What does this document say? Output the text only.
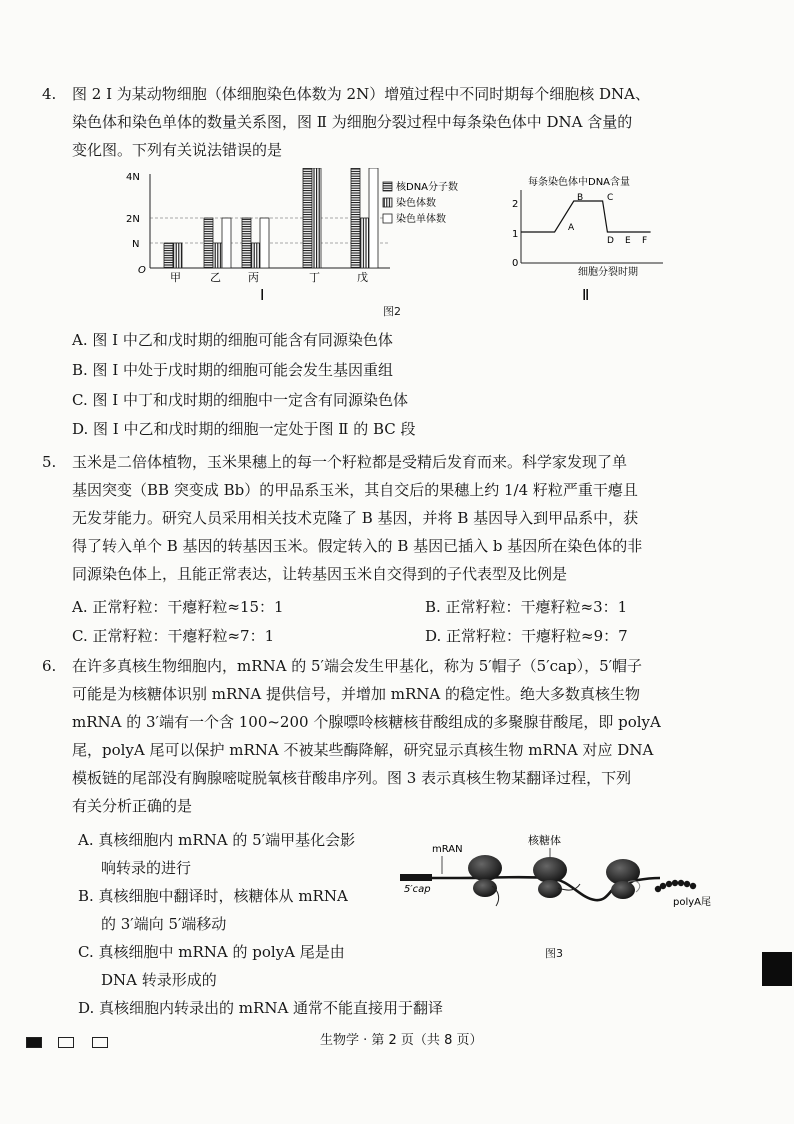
4. 图 2 Ⅰ 为某动物细胞（体细胞染色体数为 2N）增殖过程中不同时期每个细胞核 DNA、
染色体和染色单体的数量关系图，图 Ⅱ 为细胞分裂过程中每条染色体中 DNA 含量的
变化图。下列有关说法错误的是
4N
2N
N
O
甲	乙 丙	丁	戊
Ⅰ
核DNA分子数
染色体数
染色单体数
每条染色体中DNA含量
2
1
0
A
B	C
D E F
细胞分裂时期
Ⅱ
图2
A. 图 Ⅰ 中乙和戊时期的细胞可能含有同源染色体
B. 图 Ⅰ 中处于戊时期的细胞可能会发生基因重组
C. 图 Ⅰ 中丁和戊时期的细胞中一定含有同源染色体
D. 图 Ⅰ 中乙和戊时期的细胞一定处于图 Ⅱ 的 BC 段
5. 玉米是二倍体植物，玉米果穗上的每一个籽粒都是受精后发育而来。科学家发现了单
基因突变（BB 突变成 Bb）的甲品系玉米，其自交后的果穗上约 1/4 籽粒严重干瘪且
无发芽能力。研究人员采用相关技术克隆了 B 基因，并将 B 基因导入到甲品系中，获
得了转入单个 B 基因的转基因玉米。假定转入的 B 基因已插入 b 基因所在染色体的非
同源染色体上，且能正常表达，让转基因玉米自交得到的子代表型及比例是
A. 正常籽粒：干瘪籽粒≈15：1	B. 正常籽粒：干瘪籽粒≈3：1
C. 正常籽粒：干瘪籽粒≈7：1	D. 正常籽粒：干瘪籽粒≈9：7
6. 在许多真核生物细胞内，mRNA 的 5′端会发生甲基化，称为 5′帽子（5′cap），5′帽子
可能是为核糖体识别 mRNA 提供信号，并增加 mRNA 的稳定性。绝大多数真核生物
mRNA 的 3′端有一个含 100~200 个腺嘌呤核糖核苷酸组成的多聚腺苷酸尾，即 polyA
尾，polyA 尾可以保护 mRNA 不被某些酶降解，研究显示真核生物 mRNA 对应 DNA
模板链的尾部没有胸腺嘧啶脱氧核苷酸串序列。图 3 表示真核生物某翻译过程，下列
有关分析正确的是
A. 真核细胞内 mRNA 的 5′端甲基化会影
响转录的进行
B. 真核细胞中翻译时，核糖体从 mRNA
的 3′端向 5′端移动
C. 真核细胞中 mRNA 的 polyA 尾是由
DNA 转录形成的
D. 真核细胞内转录出的 mRNA 通常不能直接用于翻译
mRAN
核糖体
5′cap
polyA尾
图3
生物学 · 第 2 页（共 8 页）
